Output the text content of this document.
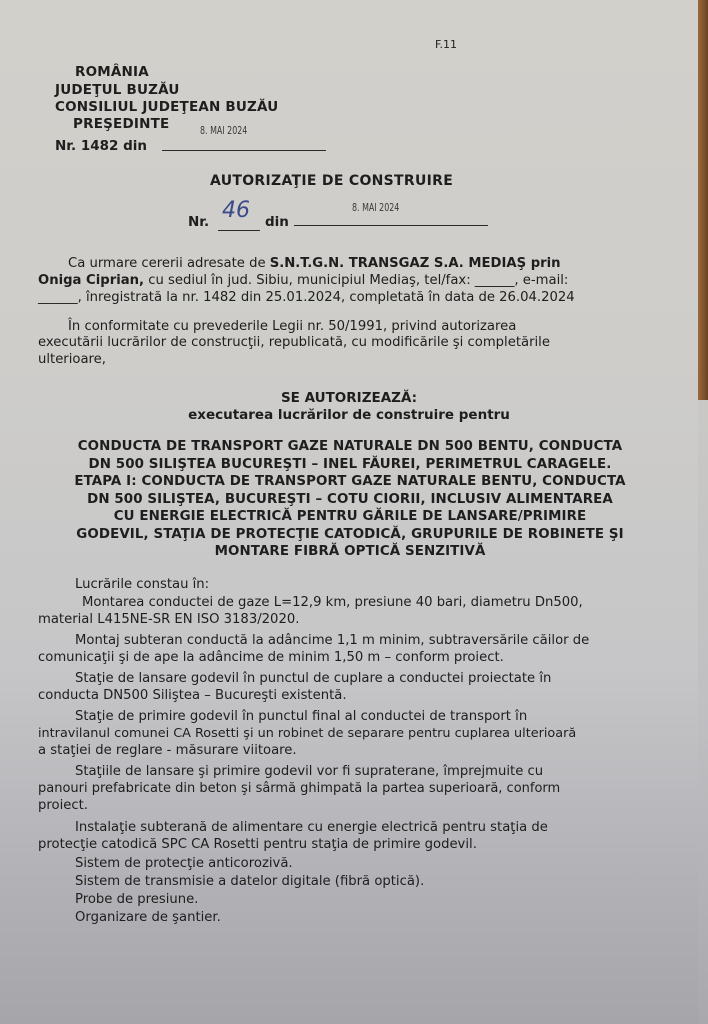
F.11
ROMÂNIA
JUDEŢUL BUZĂU
CONSILIUL JUDEŢEAN BUZĂU
PREŞEDINTE
Nr. 1482 din
8. MAI 2024
AUTORIZAŢIE DE CONSTRUIRE
Nr. 46 din
8. MAI 2024
Ca urmare cererii adresate de S.N.T.G.N. TRANSGAZ S.A. MEDIAŞ prin
Oniga Ciprian, cu sediul în jud. Sibiu, municipiul Mediaş, tel/fax: ______, e-mail:
______, înregistrată la nr. 1482 din 25.01.2024, completată în data de 26.04.2024
În conformitate cu prevederile Legii nr. 50/1991, privind autorizarea
executării lucrărilor de construcţii, republicată, cu modificările şi completările
ulterioare,
SE AUTORIZEAZĂ:
executarea lucrărilor de construire pentru
CONDUCTA DE TRANSPORT GAZE NATURALE DN 500 BENTU, CONDUCTA
DN 500 SILIŞTEA BUCUREŞTI – INEL FĂUREI, PERIMETRUL CARAGELE.
ETAPA I: CONDUCTA DE TRANSPORT GAZE NATURALE BENTU, CONDUCTA
DN 500 SILIŞTEA, BUCUREŞTI – COTU CIORII, INCLUSIV ALIMENTAREA
CU ENERGIE ELECTRICĂ PENTRU GĂRILE DE LANSARE/PRIMIRE
GODEVIL, STAŢIA DE PROTECŢIE CATODICĂ, GRUPURILE DE ROBINETE ŞI
MONTARE FIBRĂ OPTICĂ SENZITIVĂ
Lucrările constau în:
Montarea conductei de gaze L=12,9 km, presiune 40 bari, diametru Dn500,
material L415NE-SR EN ISO 3183/2020.
Montaj subteran conductă la adâncime 1,1 m minim, subtraversările căilor de
comunicaţii şi de ape la adâncime de minim 1,50 m – conform proiect.
Staţie de lansare godevil în punctul de cuplare a conductei proiectate în
conducta DN500 Siliştea – Bucureşti existentă.
Staţie de primire godevil în punctul final al conductei de transport în
intravilanul comunei CA Rosetti şi un robinet de separare pentru cuplarea ulterioară
a staţiei de reglare - măsurare viitoare.
Staţiile de lansare şi primire godevil vor fi supraterane, împrejmuite cu
panouri prefabricate din beton şi sârmă ghimpată la partea superioară, conform
proiect.
Instalaţie subterană de alimentare cu energie electrică pentru staţia de
protecţie catodică SPC CA Rosetti pentru staţia de primire godevil.
Sistem de protecţie anticorozivă.
Sistem de transmisie a datelor digitale (fibră optică).
Probe de presiune.
Organizare de şantier.
